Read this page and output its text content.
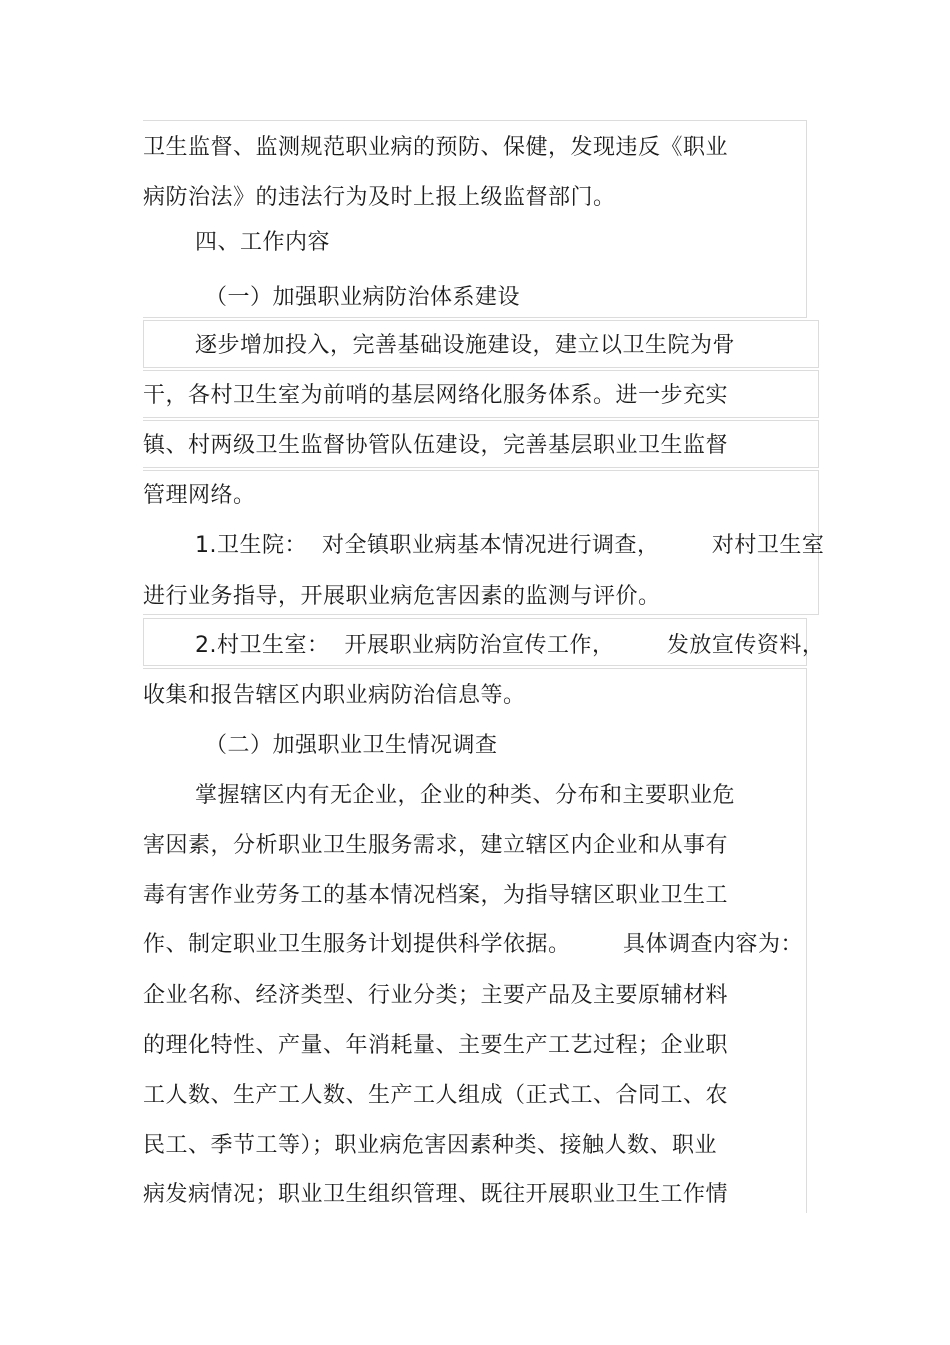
卫生监督、监测规范职业病的预防、保健，发现违反《职业
病防治法》的违法行为及时上报上级监督部门。
四、工作内容
（一）加强职业病防治体系建设
逐步增加投入，完善基础设施建设，建立以卫生院为骨
干，各村卫生室为前哨的基层网络化服务体系。进一步充实
镇、村两级卫生监督协管队伍建设，完善基层职业卫生监督
管理网络。
1.卫生院：  对全镇职业病基本情况进行调查，       对村卫生室
进行业务指导，开展职业病危害因素的监测与评价。
2.村卫生室：  开展职业病防治宣传工作，       发放宣传资料，
收集和报告辖区内职业病防治信息等。
（二）加强职业卫生情况调查
掌握辖区内有无企业，企业的种类、分布和主要职业危
害因素，分析职业卫生服务需求，建立辖区内企业和从事有
毒有害作业劳务工的基本情况档案，为指导辖区职业卫生工
作、制定职业卫生服务计划提供科学依据。       具体调查内容为：
企业名称、经济类型、行业分类；主要产品及主要原辅材料
的理化特性、产量、年消耗量、主要生产工艺过程；企业职
工人数、生产工人数、生产工人组成（正式工、合同工、农
民工、季节工等）；职业病危害因素种类、接触人数、职业
病发病情况；职业卫生组织管理、既往开展职业卫生工作情
